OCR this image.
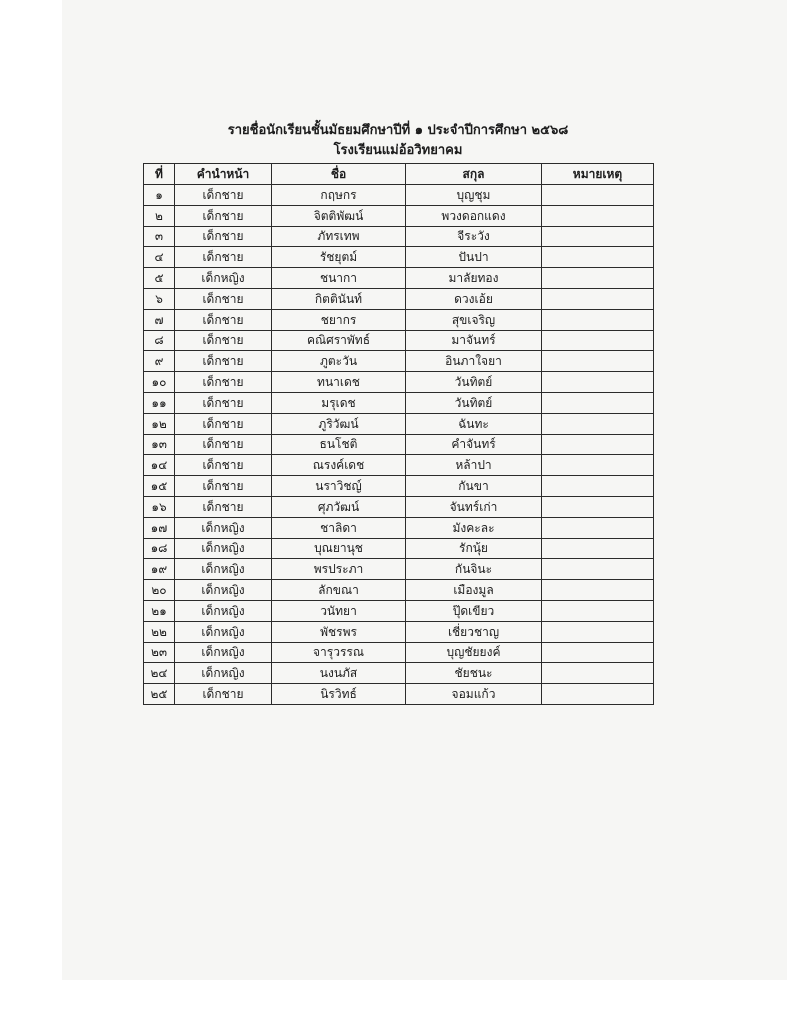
รายชื่อนักเรียนชั้นมัธยมศึกษาปีที่ ๑ ประจำปีการศึกษา ๒๕๖๘
โรงเรียนแม่อ้อวิทยาคม
ที่	คำนำหน้า	ชื่อ	สกุล	หมายเหตุ
๑	เด็กชาย	กฤษกร	บุญชุม	
๒	เด็กชาย	จิตติพัฒน์	พวงดอกแดง	
๓	เด็กชาย	ภัทรเทพ	จีระวัง	
๔	เด็กชาย	รัชยุตม์	ปันปา	
๕	เด็กหญิง	ชนากา	มาลัยทอง	
๖	เด็กชาย	กิตตินันท์	ดวงเอ้ย	
๗	เด็กชาย	ชยากร	สุขเจริญ	
๘	เด็กชาย	คณิศราพัทธ์	มาจันทร์	
๙	เด็กชาย	ภูตะวัน	อินภาใจยา	
๑๐	เด็กชาย	ทนาเดช	วันทิตย์	
๑๑	เด็กชาย	มรุเดช	วันทิตย์	
๑๒	เด็กชาย	ภูริวัฒน์	ฉันทะ	
๑๓	เด็กชาย	ธนโชติ	คำจันทร์	
๑๔	เด็กชาย	ณรงค์เดช	หล้าปา	
๑๕	เด็กชาย	นราวิชญ์	กันขา	
๑๖	เด็กชาย	ศุภวัฒน์	จันทร์เก่า	
๑๗	เด็กหญิง	ชาลิดา	มังคะละ	
๑๘	เด็กหญิง	บุณยานุช	รักนุ้ย	
๑๙	เด็กหญิง	พรประภา	กันจินะ	
๒๐	เด็กหญิง	ลักขณา	เมืองมูล	
๒๑	เด็กหญิง	วนัทยา	ปุ๊ดเขียว	
๒๒	เด็กหญิง	พัชรพร	เชี่ยวชาญ	
๒๓	เด็กหญิง	จารุวรรณ	บุญชัยยงค์	
๒๔	เด็กหญิง	นงนภัส	ชัยชนะ	
๒๕	เด็กชาย	นิรวิทธ์	จอมแก้ว	
